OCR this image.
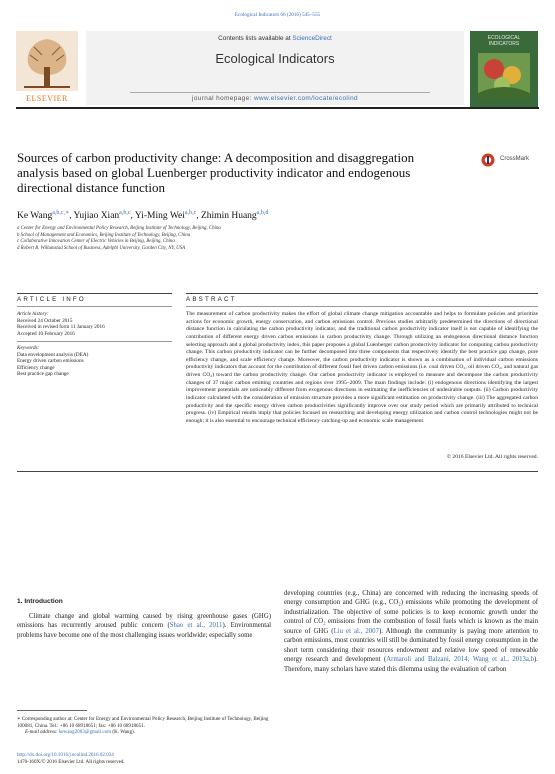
Ecological Indicators 66 (2016) 545–555
ELSEVIER
Contents lists available at ScienceDirect
Ecological Indicators
journal homepage: www.elsevier.com/locate/ecolind
ECOLOGICAL INDICATORS
Sources of carbon productivity change: A decomposition and disaggregation analysis based on global Luenberger productivity indicator and endogenous directional distance function
CrossMark
Ke Wang$^{a,b,c,∗}$, Yujiao Xian$^{a,b,c}$, Yi-Ming Wei$^{a,b,c}$, Zhimin Huang$^{a,b,d}$
a Center for Energy and Environmental Policy Research, Beijing Institute of Technology, Beijing, China
b School of Management and Economics, Beijing Institute of Technology, Beijing, China
c Collaborative Innovation Center of Electric Vehicles in Beijing, Beijing, China
d Robert B. Willumstad School of Business, Adelphi University, Garden City, NY, USA
ARTICLE INFO	ABSTRACT
Article history:
Received 24 October 2015
Received in revised form 11 January 2016
Accepted 10 February 2016
Keywords:
Data envelopment analysis (DEA)
Energy driven carbon emissions
Efficiency change
Best practice gap change

The measurement of carbon productivity makes the effort of global climate change mitigation accountable and helps to formulate policies and prioritize actions for economic growth, energy conservation, and carbon emissions control. Previous studies arbitrarily predetermined the directions of directional distance function in calculating the carbon productivity indicator, and the traditional carbon productivity indicator itself is not capable of identifying the contribution of different energy driven carbon emissions in carbon productivity change. Through utilizing an endogenous directional distance function selecting approach and a global productivity index, this paper proposes a global Luenberger carbon productivity indicator for computing carbon productivity change. This carbon productivity indicator can be further decomposed into three components that respectively identify the best practice gap change, pure efficiency change, and scale efficiency change. Moreover, the carbon productivity indicator is shown as a combination of individual carbon emissions productivity indicators that account for the contribution of different fossil fuel driven carbon emissions (i.e. coal driven CO₂, oil driven CO₂, and natural gas driven CO₂) toward the carbon productivity change. Our carbon productivity indicator is employed to measure and decompose the carbon productivity changes of 37 major carbon emitting countries and regions over 1995–2009. The main findings include: (i) endogenous directions identifying the largest improvement potentials are noticeably different from exogenous directions in estimating the inefficiencies of undesirable outputs. (ii) Carbon productivity indicator calculated with the consideration of emission structure provides a more significant estimation on productivity change. (iii) The aggregated carbon productivity and the specific energy driven carbon productivities significantly improve over our study period which are primarily attributed to technical progress. (iv) Empirical results imply that policies focused on researching and developing energy utilization and carbon control technologies might not be enough; it is also essential to encourage technical efficiency catching-up and economic scale management.

© 2016 Elsevier Ltd. All rights reserved.
1. Introduction

Climate change and global warming caused by rising greenhouse gases (GHG) emissions has recurrently aroused public concern (Shao et al., 2011). Environmental problems have become one of the most challenging issues worldwide; especially some

developing countries (e.g., China) are concerned with reducing the increasing speeds of energy consumption and GHG (e.g., CO₂) emissions while promoting the development of industrialization. The objective of some policies is to keep economic growth under the control of CO₂ emissions from the combustion of fossil fuels which is known as the main source of GHG (Liu et al., 2007). Although the community is paying more attention to carbon emissions, most countries will still be dominated by fossil energy consumption in the short term considering their resources endowment and relative low speed of renewable energy research and development (Armaroli and Balzani, 2014; Wang et al., 2013a,b). Therefore, many scholars have stated this dilemma using the evaluation of carbon

∗ Corresponding author at: Center for Energy and Environmental Policy Research, Beijing Institute of Technology, Beijing 100081, China. Tel.: +86 10 68918651; fax: +86 10 68918651.
E-mail address: kewang2083@gmail.com (K. Wang).
http://dx.doi.org/10.1016/j.ecolind.2016.02.034
1470-160X/© 2016 Elsevier Ltd. All rights reserved.
